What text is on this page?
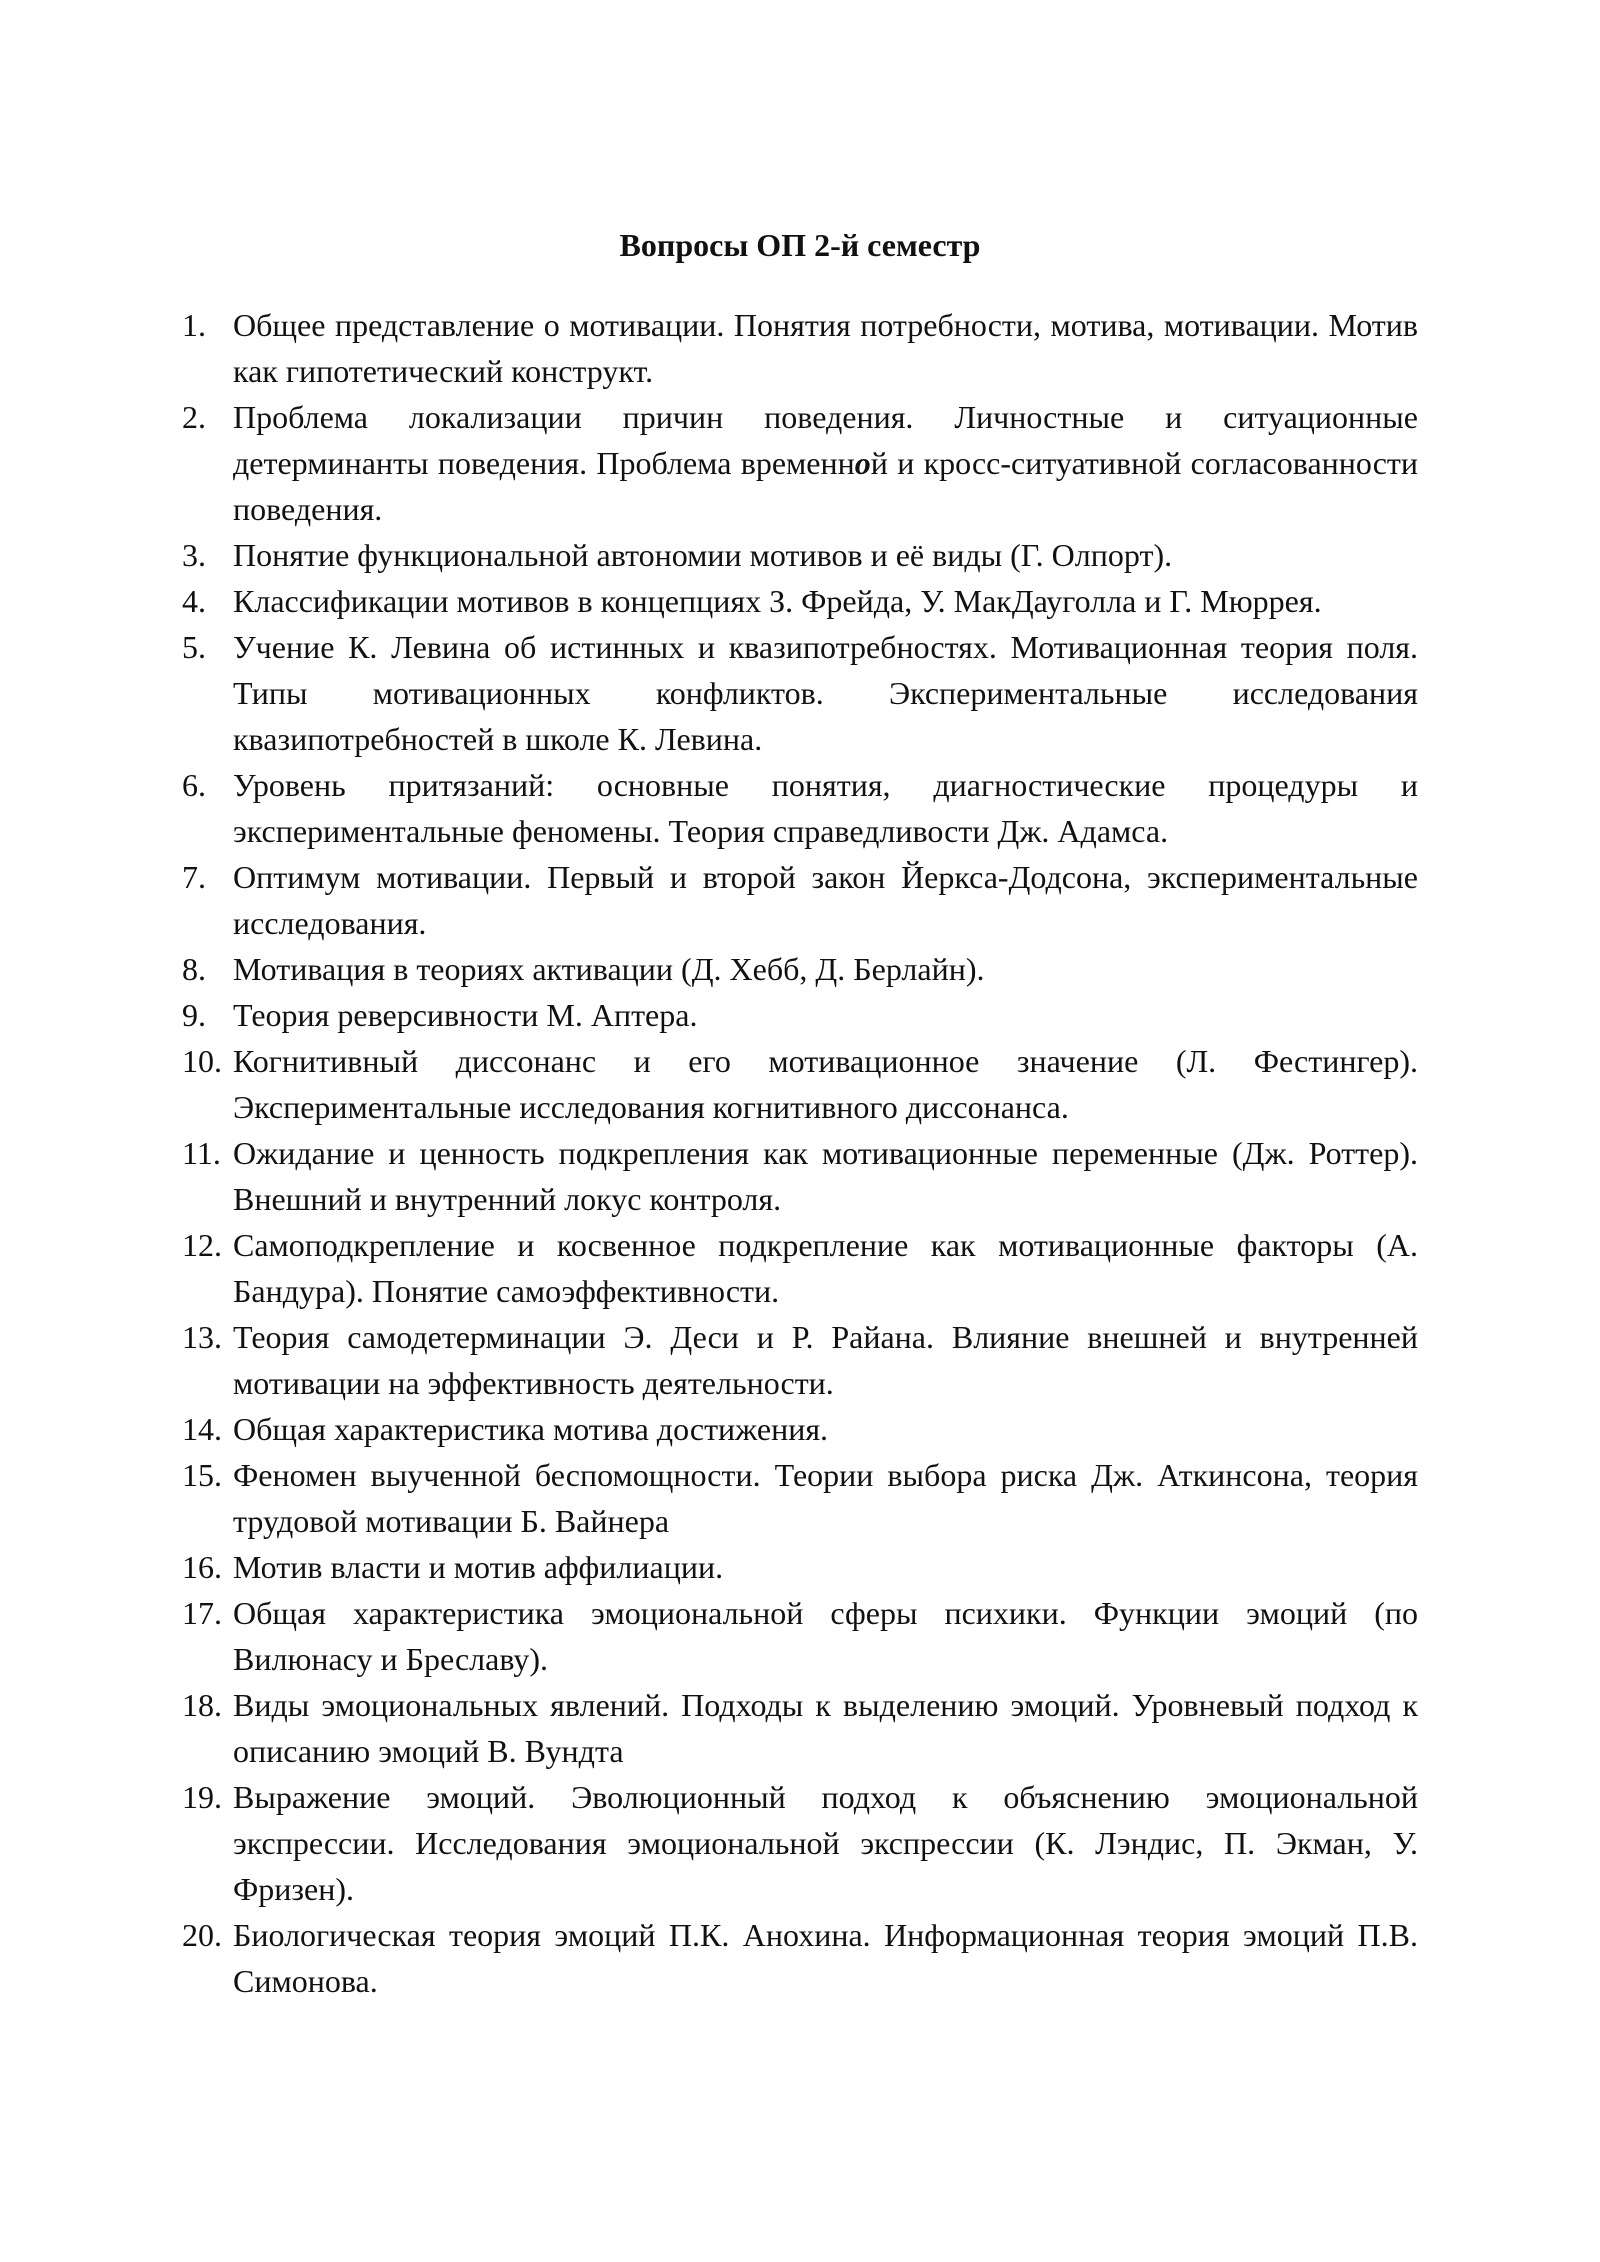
Вопросы ОП 2-й семестр
1. Общее представление о мотивации. Понятия потребности, мотива, мотивации. Мотив как гипотетический конструкт.
2. Проблема локализации причин поведения. Личностные и ситуационные детерминанты поведения. Проблема временной и кросс-ситуативной согласованности поведения.
3. Понятие функциональной автономии мотивов и её виды (Г. Олпорт).
4. Классификации мотивов в концепциях З. Фрейда, У. МакДауголла и Г. Мюррея.
5. Учение К. Левина об истинных и квазипотребностях. Мотивационная теория поля. Типы мотивационных конфликтов. Экспериментальные исследования квазипотребностей в школе К. Левина.
6. Уровень притязаний: основные понятия, диагностические процедуры и экспериментальные феномены. Теория справедливости Дж. Адамса.
7. Оптимум мотивации. Первый и второй закон Йеркса-Додсона, экспериментальные исследования.
8. Мотивация в теориях активации (Д. Хебб, Д. Берлайн).
9. Теория реверсивности М. Аптера.
10. Когнитивный диссонанс и его мотивационное значение (Л. Фестингер). Экспериментальные исследования когнитивного диссонанса.
11. Ожидание и ценность подкрепления как мотивационные переменные (Дж. Роттер). Внешний и внутренний локус контроля.
12. Самоподкрепление и косвенное подкрепление как мотивационные факторы (А. Бандура). Понятие самоэффективности.
13. Теория самодетерминации Э. Деси и Р. Райана. Влияние внешней и внутренней мотивации на эффективность деятельности.
14. Общая характеристика мотива достижения.
15. Феномен выученной беспомощности. Теории выбора риска Дж. Аткинсона, теория трудовой мотивации Б. Вайнера
16. Мотив власти и мотив аффилиации.
17. Общая характеристика эмоциональной сферы психики. Функции эмоций (по Вилюнасу и Бреславу).
18. Виды эмоциональных явлений. Подходы к выделению эмоций. Уровневый подход к описанию эмоций В. Вундта
19. Выражение эмоций. Эволюционный подход к объяснению эмоциональной экспрессии. Исследования эмоциональной экспрессии (К. Лэндис, П. Экман, У. Фризен).
20. Биологическая теория эмоций П.К. Анохина. Информационная теория эмоций П.В. Симонова.
